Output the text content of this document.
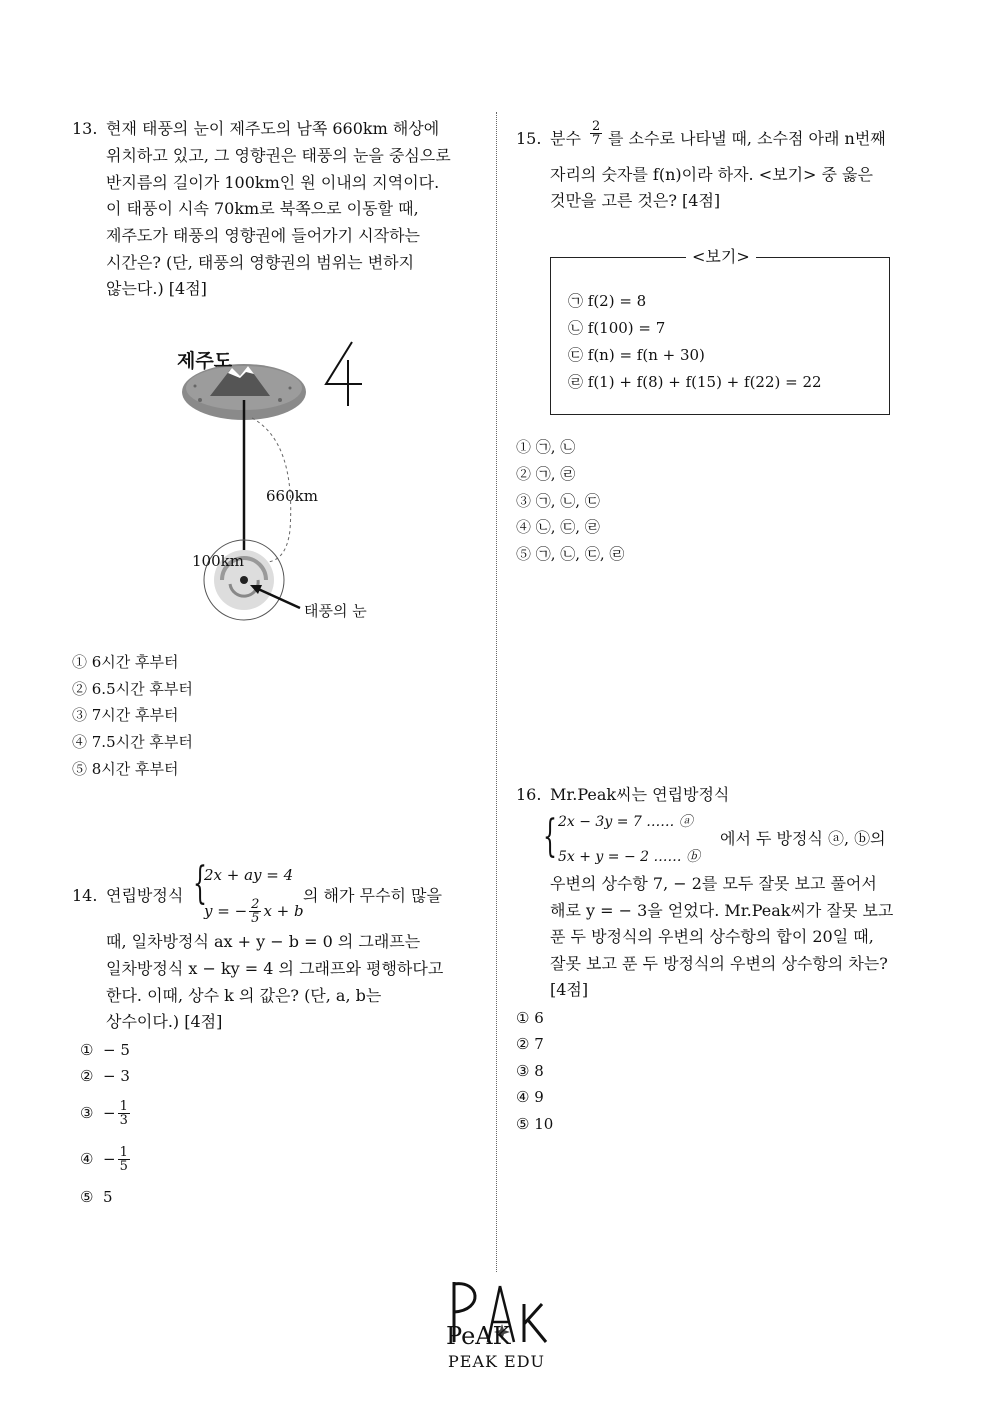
13. 현재 태풍의 눈이 제주도의 남쪽 660km 해상에
위치하고 있고, 그 영향권은 태풍의 눈을 중심으로
반지름의 길이가 100km인 원 이내의 지역이다.
이 태풍이 시속 70km로 북쪽으로 이동할 때,
제주도가 태풍의 영향권에 들어가기 시작하는
시간은? (단, 태풍의 영향권의 범위는 변하지
않는다.) [4점]
제주도
660km
100km
태풍의 눈
① 6시간 후부터
② 6.5시간 후부터
③ 7시간 후부터
④ 7.5시간 후부터
⑤ 8시간 후부터
14. 연립방정식 {
2x + ay = 4
y = − $\frac{2}{5}$ x + b
의 해가 무수히 많을
때, 일차방정식 ax + y − b = 0 의 그래프는
일차방정식 x − ky = 4 의 그래프와 평행하다고
한다. 이때, 상수 k 의 값은? (단, a, b는
상수이다.) [4점]
① − 5
② − 3
③
− $\frac{1}{3}$
④
− $\frac{1}{5}$
⑤ 5
15. 분수 $\frac{2}{7}$ 를 소수로 나타낼 때, 소수점 아래 n번째
자리의 숫자를 f(n)이라 하자. <보기> 중 옳은
것만을 고른 것은? [4점]
<보기>
㉠ f(2) = 8
㉡ f(100) = 7
㉢ f(n) = f(n + 30)
㉣ f(1) + f(8) + f(15) + f(22) = 22
① ㉠, ㉡
② ㉠, ㉣
③ ㉠, ㉡, ㉢
④ ㉡, ㉢, ㉣
⑤ ㉠, ㉡, ㉢, ㉣
16. Mr.Peak씨는 연립방정식
{ 2x − 3y = 7 …… ⓐ
5x + y = − 2 …… ⓑ
에서 두 방정식 ⓐ, ⓑ의
우변의 상수항 7, − 2를 모두 잘못 보고 풀어서
해로 y = − 3을 얻었다. Mr.Peak씨가 잘못 보고
푼 두 방정식의 우변의 상수항의 합이 20일 때,
잘못 보고 푼 두 방정식의 우변의 상수항의 차는?
[4점]
① 6
② 7
③ 8
④ 9
⑤ 10
PeAK
PEAK EDU
